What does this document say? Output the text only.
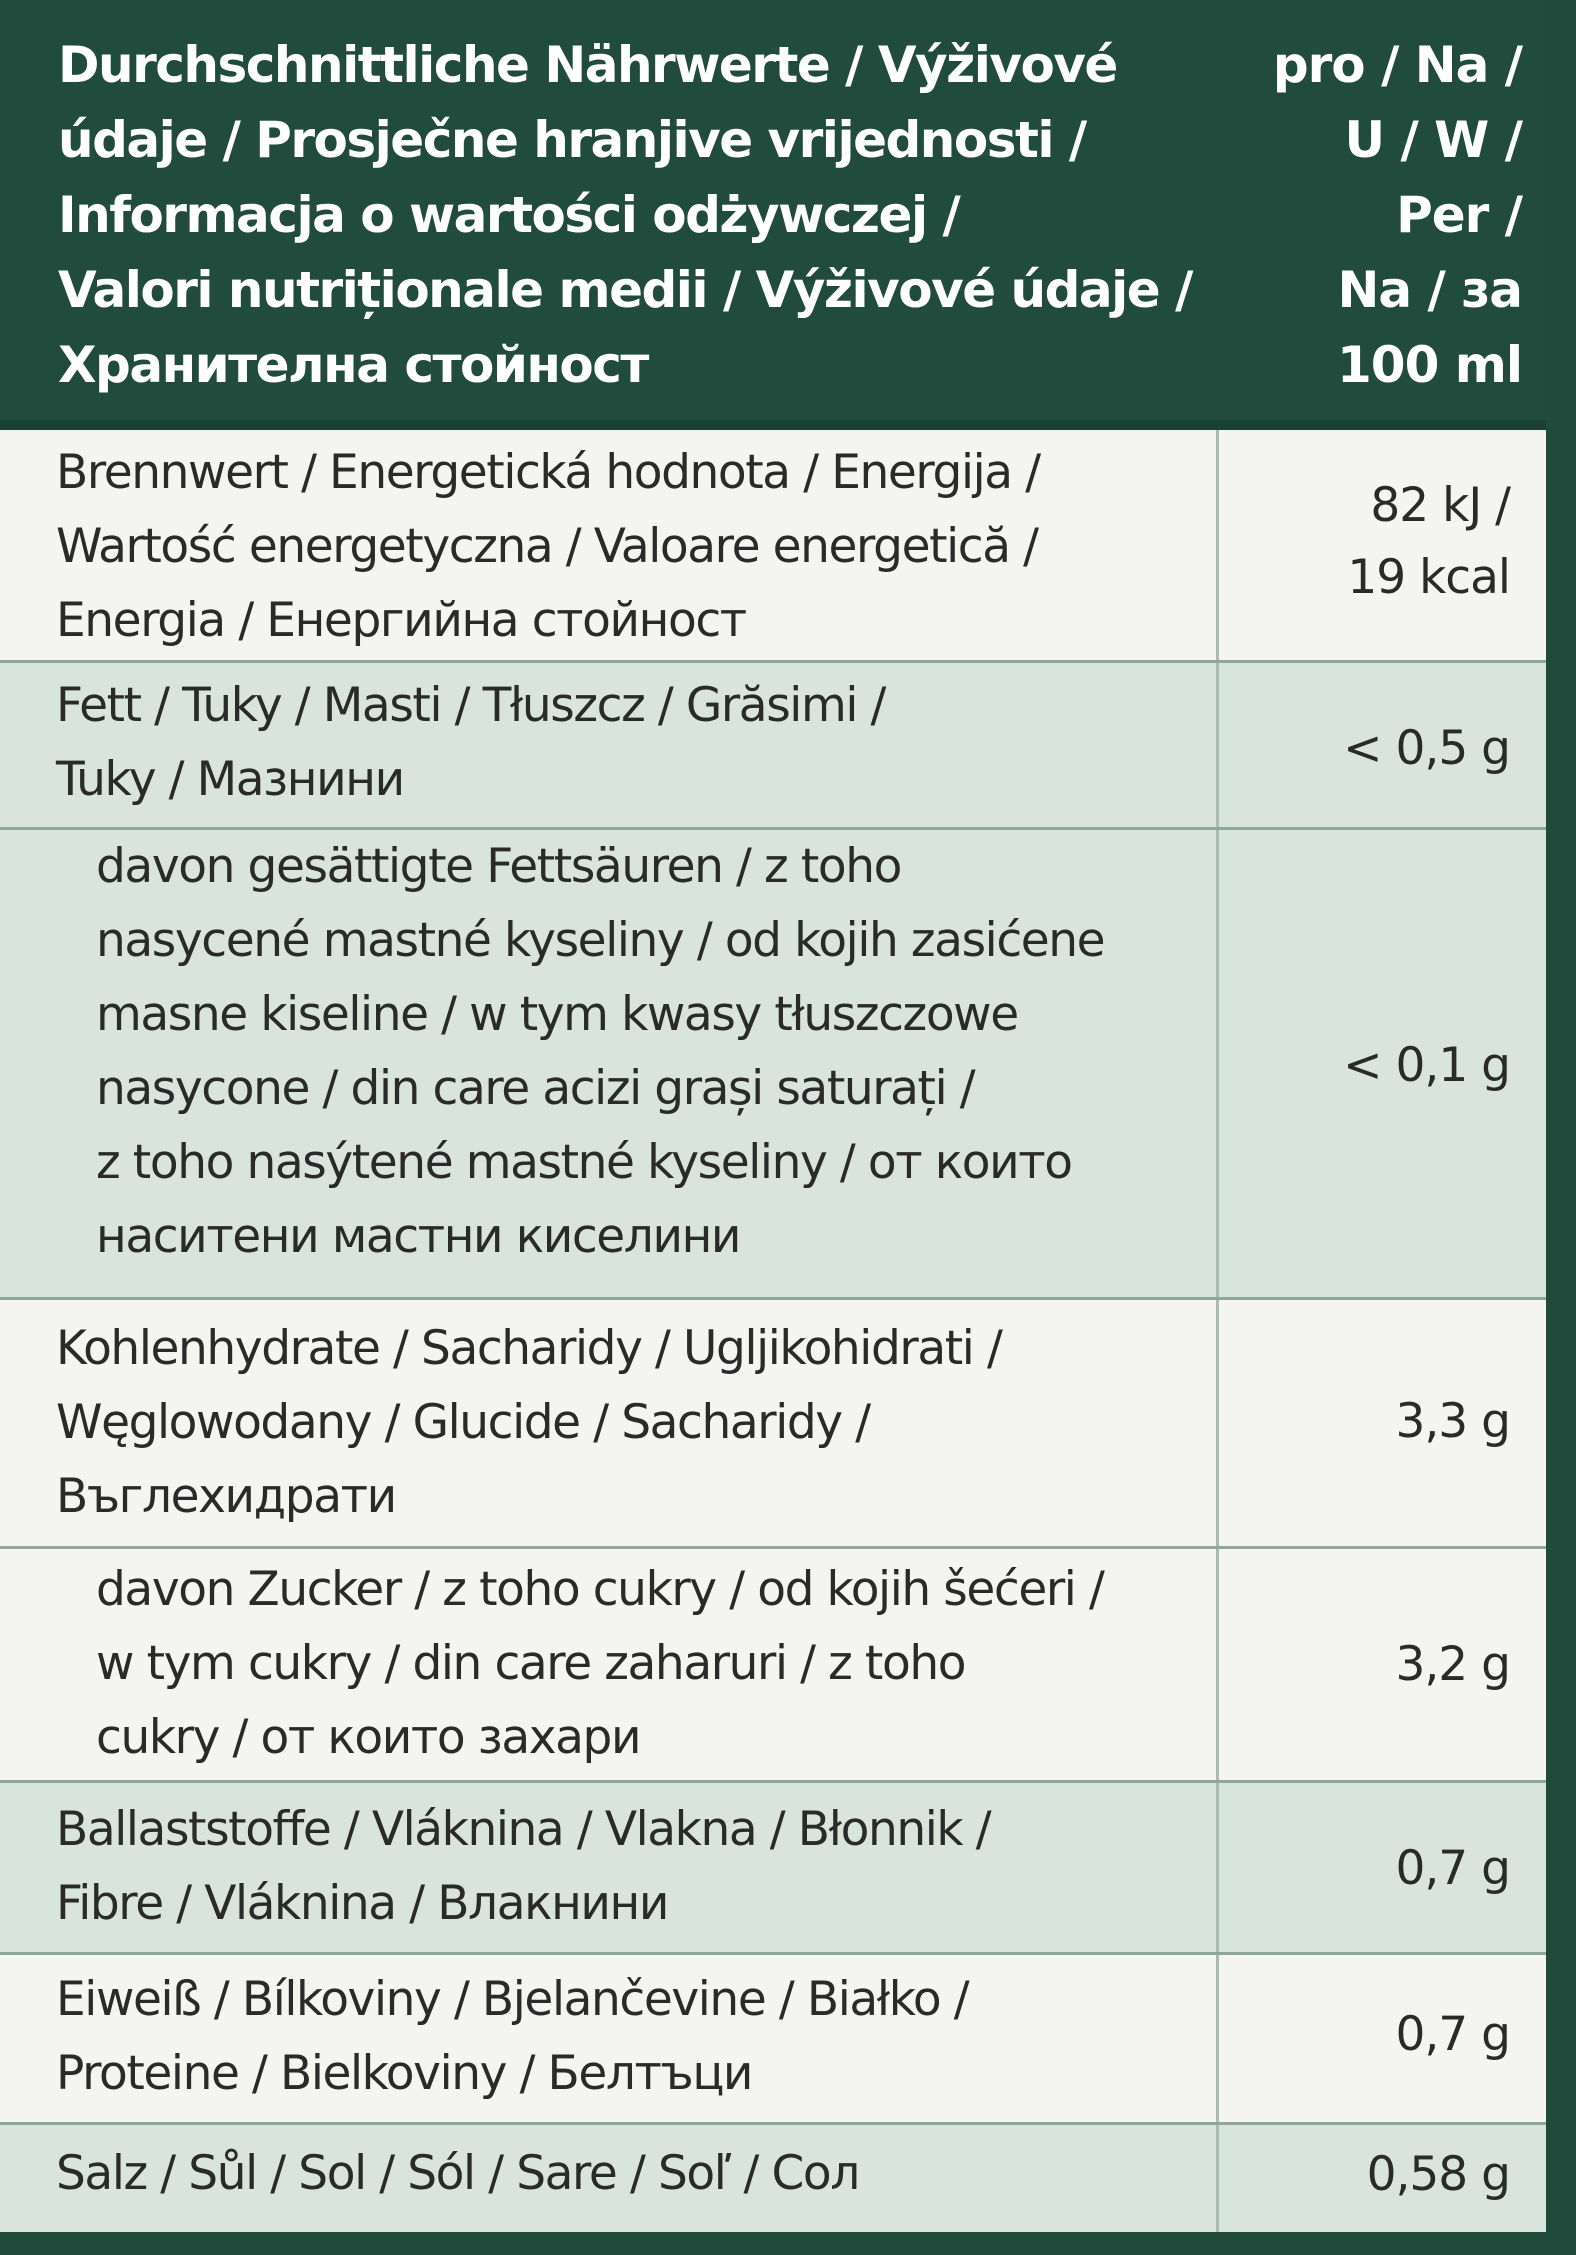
Durchschnittliche Nährwerte / Výživové
údaje / Prosječne hranjive vrijednosti /
Informacja o wartości odżywczej /
Valori nutriționale medii / Výživové údaje /
Хранителна стойност
pro / Na /
U / W /
Per /
Na / за
100 ml
Brennwert / Energetická hodnota / Energija /
Wartość energetyczna / Valoare energetică /
Energia / Енергийна стойност
82 kJ /
19 kcal
Fett / Tuky / Masti / Tłuszcz / Grăsimi /
Tuky / Мазнини
< 0,5 g
davon gesättigte Fettsäuren / z toho
nasycené mastné kyseliny / od kojih zasićene
masne kiseline / w tym kwasy tłuszczowe
nasycone / din care acizi grași saturați /
z toho nasýtené mastné kyseliny / от които
наситени мастни киселини
< 0,1 g
Kohlenhydrate / Sacharidy / Ugljikohidrati /
Węglowodany / Glucide / Sacharidy /
Въглехидрати
3,3 g
davon Zucker / z toho cukry / od kojih šećeri /
w tym cukry / din care zaharuri / z toho
cukry / от които захари
3,2 g
Ballaststoffe / Vláknina / Vlakna / Błonnik /
Fibre / Vláknina / Влакнини
0,7 g
Eiweiß / Bílkoviny / Bjelančevine / Białko /
Proteine / Bielkoviny / Белтъци
0,7 g
Salz / Sůl / Sol / Sól / Sare / Soľ / Сол	0,58 g
